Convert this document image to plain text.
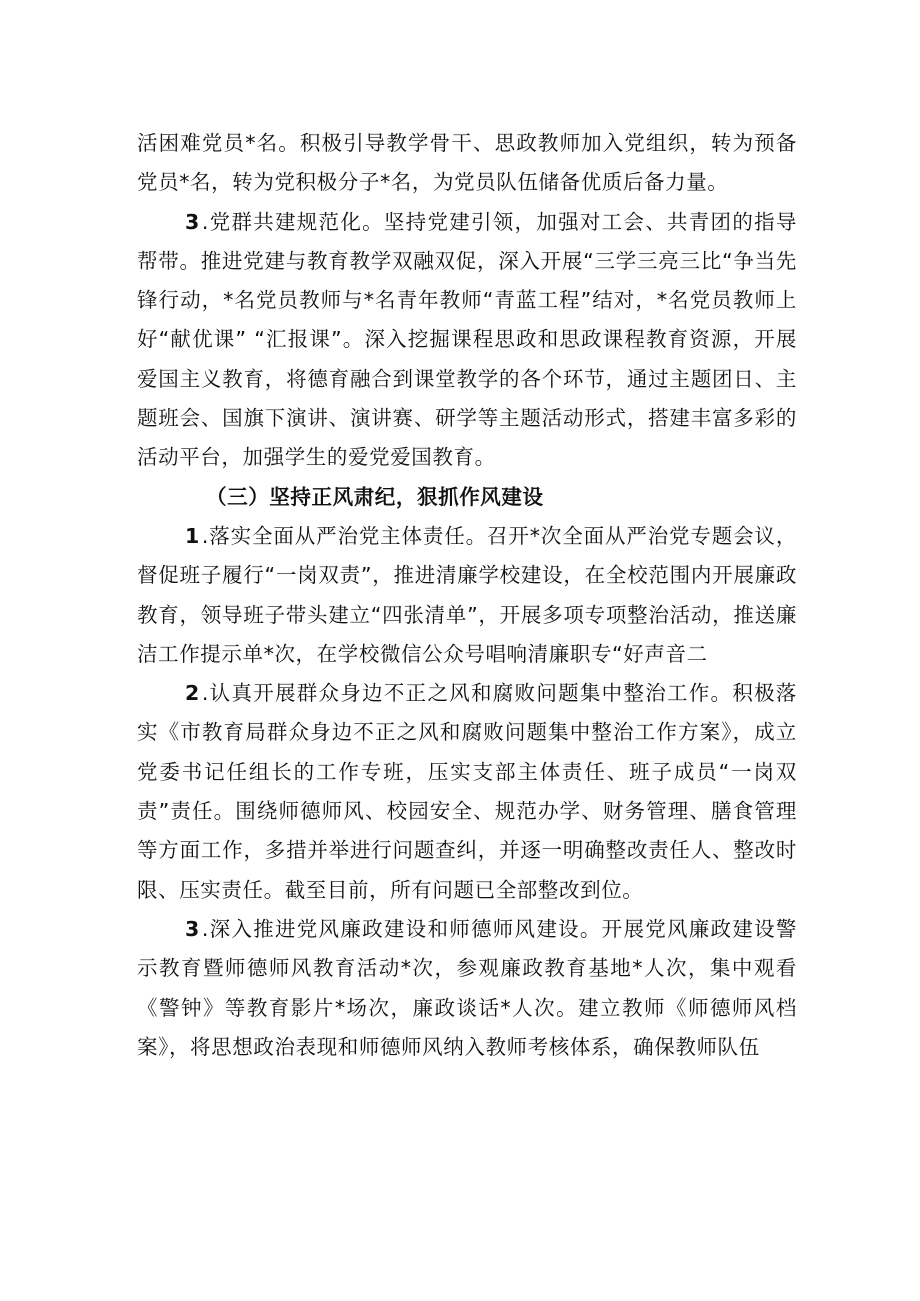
活困难党员*名。积极引导教学骨干、思政教师加入党组织，转为预备党员*名，转为党积极分子*名，为党员队伍储备优质后备力量。

3.党群共建规范化。坚持党建引领，加强对工会、共青团的指导帮带。推进党建与教育教学双融双促，深入开展“三学三亮三比“争当先锋行动，*名党员教师与*名青年教师“青蓝工程”结对，*名党员教师上好“献优课” “汇报课”。深入挖掘课程思政和思政课程教育资源，开展爱国主义教育，将德育融合到课堂教学的各个环节，通过主题团日、主题班会、国旗下演讲、演讲赛、研学等主题活动形式，搭建丰富多彩的活动平台，加强学生的爱党爱国教育。

（三）坚持正风肃纪，狠抓作风建设

1.落实全面从严治党主体责任。召开*次全面从严治党专题会议，督促班子履行“一岗双责”，推进清廉学校建设，在全校范围内开展廉政教育，领导班子带头建立“四张清单”，开展多项专项整治活动，推送廉洁工作提示单*次，在学校微信公众号唱响清廉职专“好声音二

2.认真开展群众身边不正之风和腐败问题集中整治工作。积极落实《市教育局群众身边不正之风和腐败问题集中整治工作方案》，成立党委书记任组长的工作专班，压实支部主体责任、班子成员“一岗双责”责任。围绕师德师风、校园安全、规范办学、财务管理、膳食管理等方面工作，多措并举进行问题查纠，并逐一明确整改责任人、整改时限、压实责任。截至目前，所有问题已全部整改到位。

3.深入推进党风廉政建设和师德师风建设。开展党风廉政建设警示教育暨师德师风教育活动*次，参观廉政教育基地*人次，集中观看《警钟》等教育影片*场次，廉政谈话*人次。建立教师《师德师风档案》，将思想政治表现和师德师风纳入教师考核体系，确保教师队伍
